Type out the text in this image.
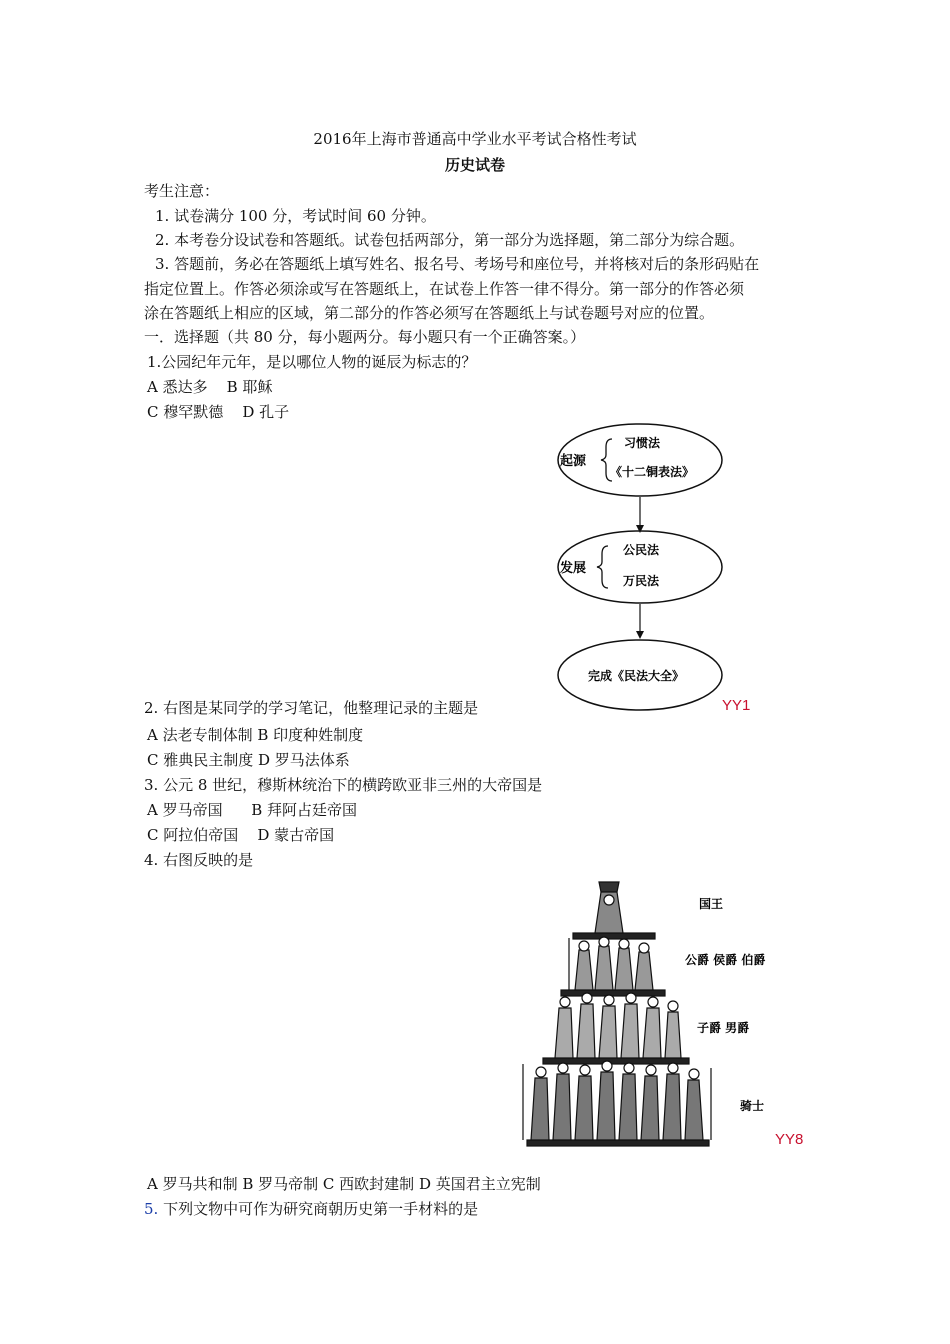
2016年上海市普通高中学业水平考试合格性考试
历史试卷
考生注意：
1. 试卷满分 100 分，考试时间 60 分钟。
2. 本考卷分设试卷和答题纸。试卷包括两部分，第一部分为选择题，第二部分为综合题。
3. 答题前，务必在答题纸上填写姓名、报名号、考场号和座位号，并将核对后的条形码贴在
指定位置上。作答必须涂或写在答题纸上，在试卷上作答一律不得分。第一部分的作答必须
涂在答题纸上相应的区域，第二部分的作答必须写在答题纸上与试卷题号对应的位置。
一．选择题（共 80 分，每小题两分。每小题只有一个正确答案。）
1.公园纪年元年，是以哪位人物的诞辰为标志的？
A 悉达多    B 耶稣
C 穆罕默德    D 孔子
起源
习惯法
《十二铜表法》
发展
公民法
万民法
完成《民法大全》
2. 右图是某同学的学习笔记，他整理记录的主题是	YY1
A 法老专制体制 B 印度种姓制度
C 雅典民主制度 D 罗马法体系
3. 公元 8 世纪，穆斯林统治下的横跨欧亚非三州的大帝国是
A 罗马帝国      B 拜阿占廷帝国
C 阿拉伯帝国    D 蒙古帝国
4. 右图反映的是
国王
公爵 侯爵 伯爵
子爵 男爵
骑士
YY8
A 罗马共和制 B 罗马帝制 C 西欧封建制 D 英国君主立宪制
5. 下列文物中可作为研究商朝历史第一手材料的是
